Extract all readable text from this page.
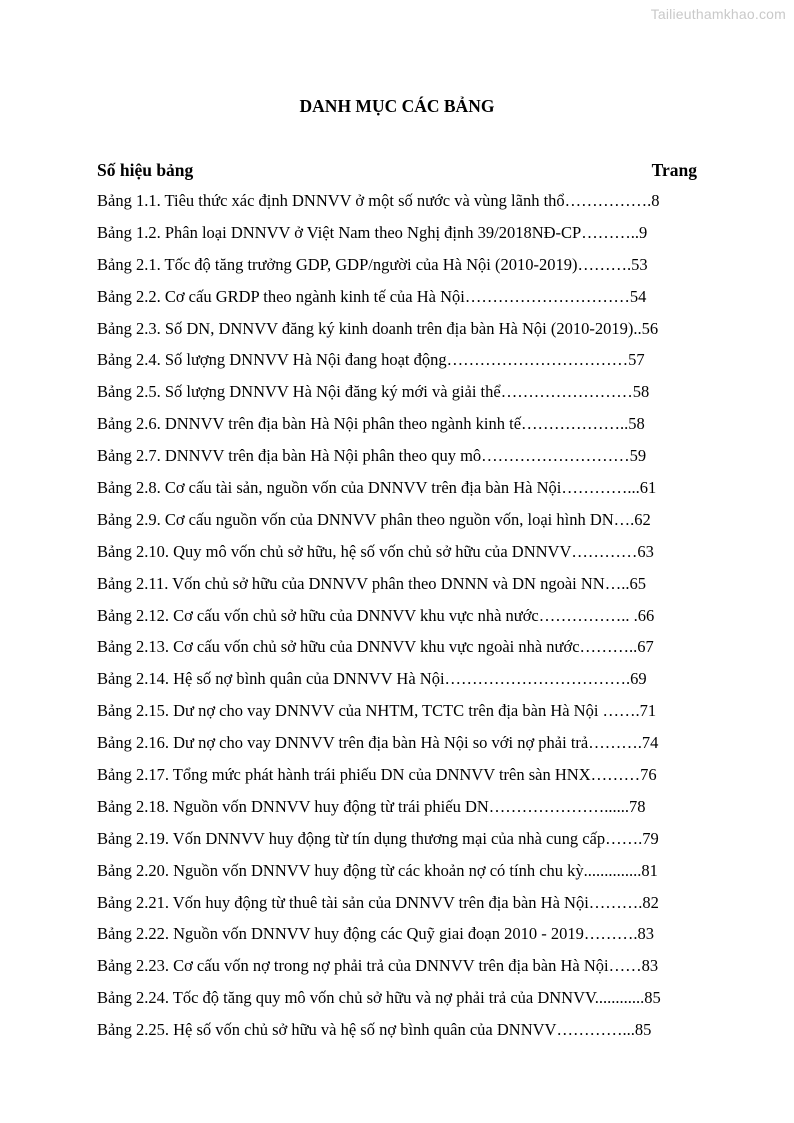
Tailieuthamkhao.com
DANH MỤC CÁC BẢNG
Số hiệu bảng	Trang
Bảng 1.1. Tiêu thức xác định DNNVV ở một số nước và vùng lãnh thổ…………….8
Bảng 1.2. Phân loại DNNVV ở Việt Nam theo Nghị định 39/2018NĐ-CP………..9
Bảng 2.1. Tốc độ tăng trưởng GDP, GDP/người của Hà Nội (2010-2019)……….53
Bảng 2.2. Cơ cấu GRDP theo ngành kinh tế của Hà Nội…………………………54
Bảng 2.3. Số DN, DNNVV đăng ký kinh doanh trên địa bàn Hà Nội (2010-2019)..56
Bảng 2.4. Số lượng DNNVV Hà Nội đang hoạt động……………………………57
Bảng 2.5. Số lượng DNNVV Hà Nội đăng ký mới và giải thể……………………58
Bảng 2.6. DNNVV trên địa bàn Hà Nội phân theo ngành kinh tế………………..58
Bảng 2.7. DNNVV trên địa bàn Hà Nội phân theo quy mô………………………59
Bảng 2.8. Cơ cấu tài sản, nguồn vốn của DNNVV trên địa bàn Hà Nội…………...61
Bảng 2.9. Cơ cấu nguồn vốn của DNNVV phân theo nguồn vốn, loại hình DN….62
Bảng 2.10. Quy mô vốn chủ sở hữu, hệ số vốn chủ sở hữu của DNNVV…………63
Bảng 2.11. Vốn chủ sở hữu của DNNVV phân theo DNNN và DN ngoài NN…..65
Bảng 2.12. Cơ cấu vốn chủ sở hữu của DNNVV khu vực nhà nước…………….. .66
Bảng 2.13. Cơ cấu vốn chủ sở hữu của DNNVV khu vực ngoài nhà nước………..67
Bảng 2.14. Hệ số nợ bình quân của DNNVV Hà Nội…………………………….69
Bảng 2.15. Dư nợ cho vay DNNVV của NHTM, TCTC trên địa bàn Hà Nội …….71
Bảng 2.16. Dư nợ cho vay DNNVV trên địa bàn Hà Nội so với nợ phải trả……….74
Bảng 2.17. Tổng mức phát hành trái phiếu DN của DNNVV trên sàn HNX………76
Bảng 2.18. Nguồn vốn DNNVV huy động từ trái phiếu DN…………………......78
Bảng 2.19. Vốn DNNVV huy động từ tín dụng thương mại của nhà cung cấp…….79
Bảng 2.20. Nguồn vốn DNNVV huy động từ các khoản nợ có tính chu kỳ..............81
Bảng 2.21. Vốn huy động từ thuê tài sản của DNNVV trên địa bàn Hà Nội……….82
Bảng 2.22. Nguồn vốn DNNVV huy động các Quỹ giai đoạn 2010 - 2019……….83
Bảng 2.23. Cơ cấu vốn nợ trong nợ phải trả của DNNVV trên địa bàn Hà Nội……83
Bảng 2.24. Tốc độ tăng quy mô vốn chủ sở hữu và nợ phải trả của DNNVV............85
Bảng 2.25. Hệ số vốn chủ sở hữu và hệ số nợ bình quân của DNNVV…………...85
